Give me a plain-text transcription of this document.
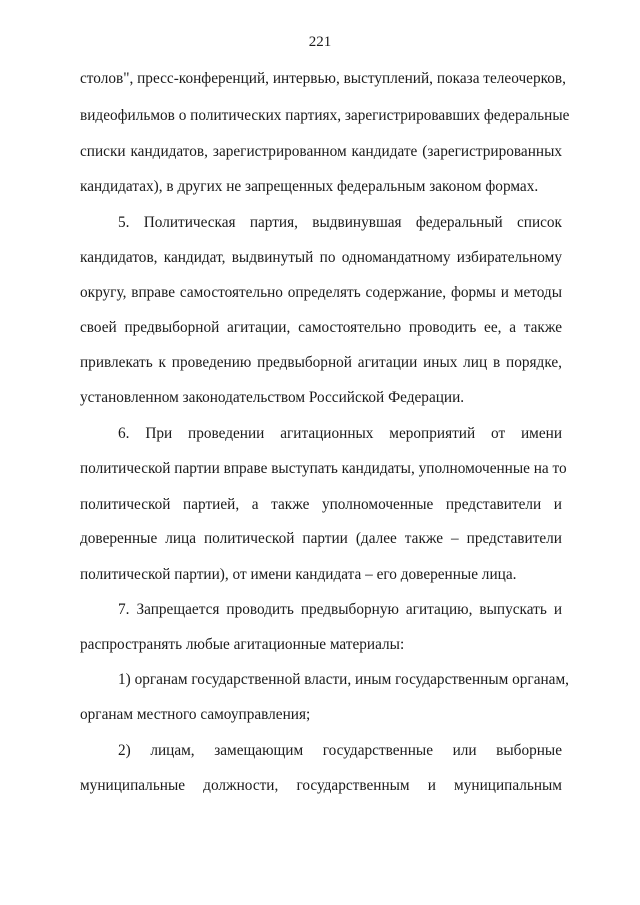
221
столов", пресс-конференций, интервью, выступлений, показа телеочерков,
видеофильмов о политических партиях, зарегистрировавших федеральные
списки кандидатов, зарегистрированном кандидате (зарегистрированных
кандидатах), в других не запрещенных федеральным законом формах.
5. Политическая партия, выдвинувшая федеральный список
кандидатов, кандидат, выдвинутый по одномандатному избирательному
округу, вправе самостоятельно определять содержание, формы и методы
своей предвыборной агитации, самостоятельно проводить ее, а также
привлекать к проведению предвыборной агитации иных лиц в порядке,
установленном законодательством Российской Федерации.
6. При проведении агитационных мероприятий от имени
политической партии вправе выступать кандидаты, уполномоченные на то
политической партией, а также уполномоченные представители и
доверенные лица политической партии (далее также – представители
политической партии), от имени кандидата – его доверенные лица.
7. Запрещается проводить предвыборную агитацию, выпускать и
распространять любые агитационные материалы:
1) органам государственной власти, иным государственным органам,
органам местного самоуправления;
2) лицам, замещающим государственные или выборные
муниципальные должности, государственным и муниципальным
